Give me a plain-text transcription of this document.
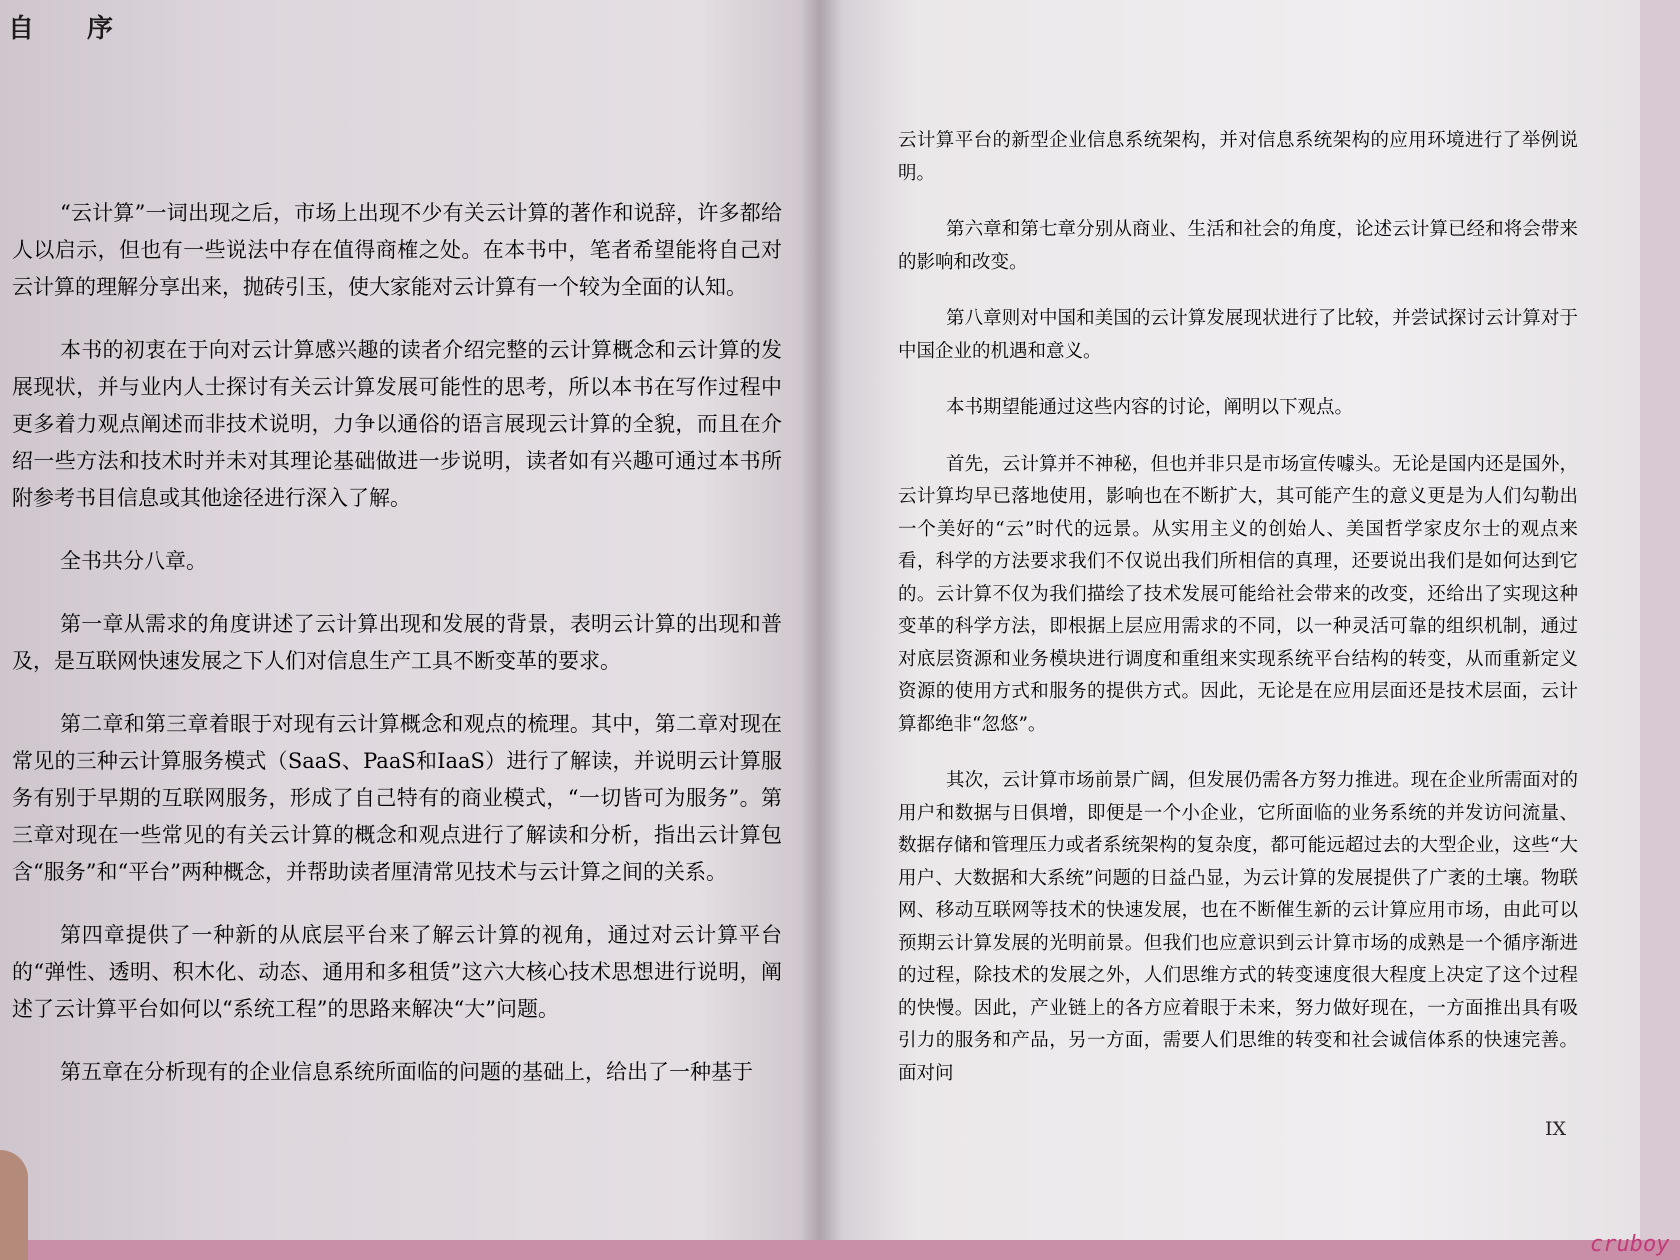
自 序

“云计算”一词出现之后，市场上出现不少有关云计算的著作和说辞，许多都给人以启示，但也有一些说法中存在值得商榷之处。在本书中，笔者希望能将自己对云计算的理解分享出来，抛砖引玉，使大家能对云计算有一个较为全面的认知。

本书的初衷在于向对云计算感兴趣的读者介绍完整的云计算概念和云计算的发展现状，并与业内人士探讨有关云计算发展可能性的思考，所以本书在写作过程中更多着力观点阐述而非技术说明，力争以通俗的语言展现云计算的全貌，而且在介绍一些方法和技术时并未对其理论基础做进一步说明，读者如有兴趣可通过本书所附参考书目信息或其他途径进行深入了解。

全书共分八章。

第一章从需求的角度讲述了云计算出现和发展的背景，表明云计算的出现和普及，是互联网快速发展之下人们对信息生产工具不断变革的要求。

第二章和第三章着眼于对现有云计算概念和观点的梳理。其中，第二章对现在常见的三种云计算服务模式（SaaS、PaaS和IaaS）进行了解读，并说明云计算服务有别于早期的互联网服务，形成了自己特有的商业模式，“一切皆可为服务”。第三章对现在一些常见的有关云计算的概念和观点进行了解读和分析，指出云计算包含“服务”和“平台”两种概念，并帮助读者厘清常见技术与云计算之间的关系。

第四章提供了一种新的从底层平台来了解云计算的视角，通过对云计算平台的“弹性、透明、积木化、动态、通用和多租赁”这六大核心技术思想进行说明，阐述了云计算平台如何以“系统工程”的思路来解决“大”问题。

第五章在分析现有的企业信息系统所面临的问题的基础上，给出了一种基于

云计算平台的新型企业信息系统架构，并对信息系统架构的应用环境进行了举例说明。

第六章和第七章分别从商业、生活和社会的角度，论述云计算已经和将会带来的影响和改变。

第八章则对中国和美国的云计算发展现状进行了比较，并尝试探讨云计算对于中国企业的机遇和意义。

本书期望能通过这些内容的讨论，阐明以下观点。

首先，云计算并不神秘，但也并非只是市场宣传噱头。无论是国内还是国外，云计算均早已落地使用，影响也在不断扩大，其可能产生的意义更是为人们勾勒出一个美好的“云”时代的远景。从实用主义的创始人、美国哲学家皮尔士的观点来看，科学的方法要求我们不仅说出我们所相信的真理，还要说出我们是如何达到它的。云计算不仅为我们描绘了技术发展可能给社会带来的改变，还给出了实现这种变革的科学方法，即根据上层应用需求的不同，以一种灵活可靠的组织机制，通过对底层资源和业务模块进行调度和重组来实现系统平台结构的转变，从而重新定义资源的使用方式和服务的提供方式。因此，无论是在应用层面还是技术层面，云计算都绝非“忽悠”。

其次，云计算市场前景广阔，但发展仍需各方努力推进。现在企业所需面对的用户和数据与日俱增，即便是一个小企业，它所面临的业务系统的并发访问流量、数据存储和管理压力或者系统架构的复杂度，都可能远超过去的大型企业，这些“大用户、大数据和大系统”问题的日益凸显，为云计算的发展提供了广袤的土壤。物联网、移动互联网等技术的快速发展，也在不断催生新的云计算应用市场，由此可以预期云计算发展的光明前景。但我们也应意识到云计算市场的成熟是一个循序渐进的过程，除技术的发展之外，人们思维方式的转变速度很大程度上决定了这个过程的快慢。因此，产业链上的各方应着眼于未来，努力做好现在，一方面推出具有吸引力的服务和产品，另一方面，需要人们思维的转变和社会诚信体系的快速完善。面对问

IX
cruboy
